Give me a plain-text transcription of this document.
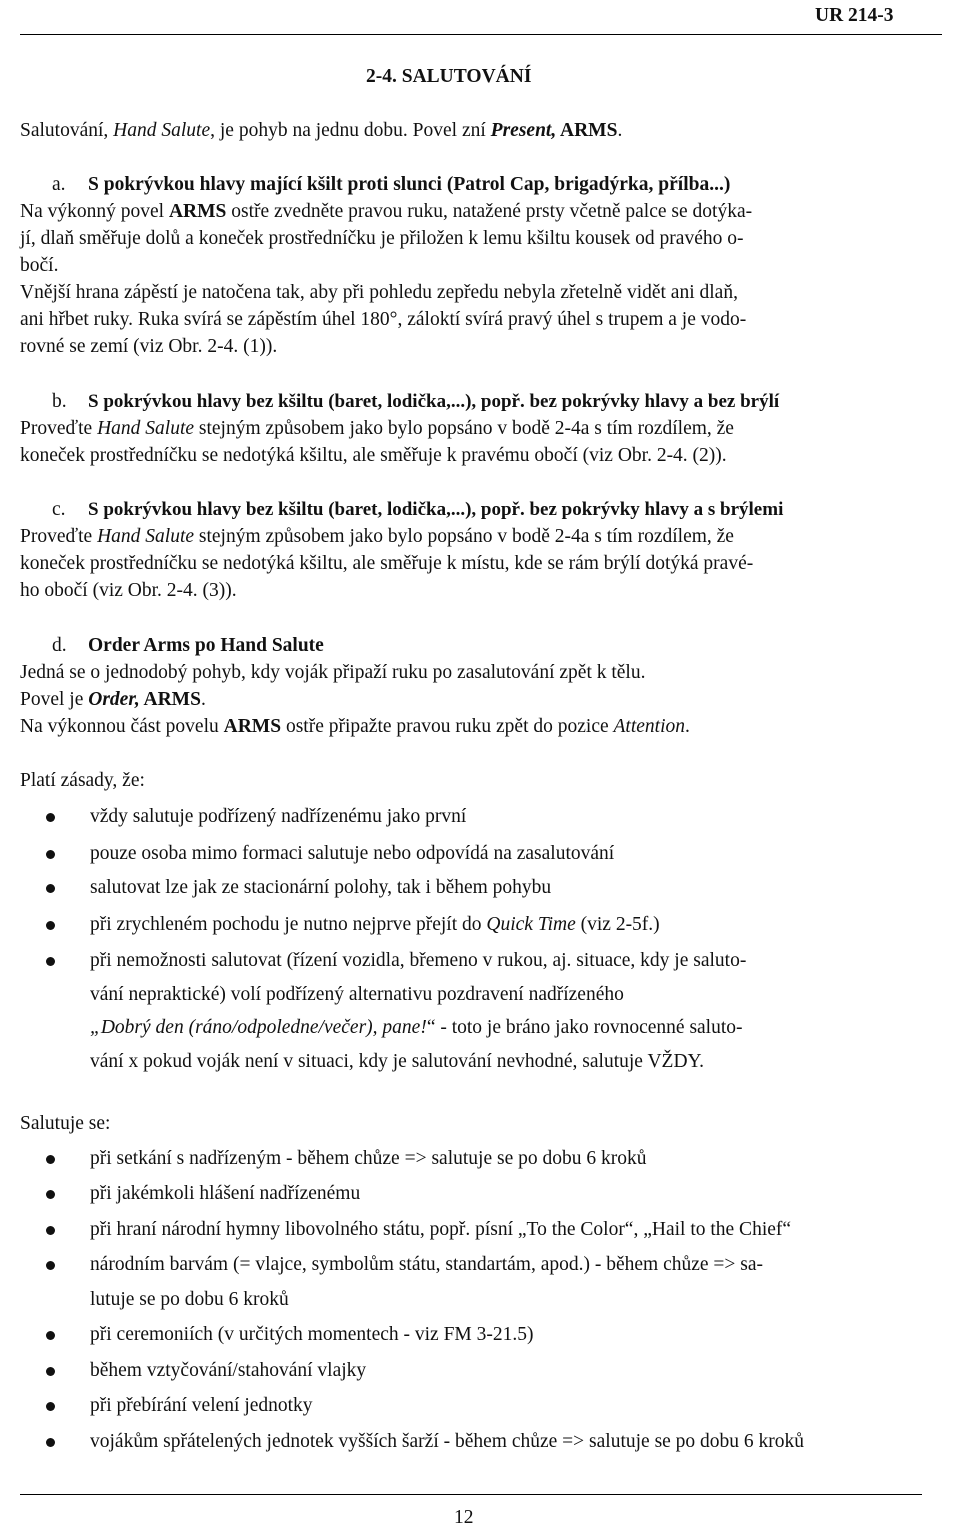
UR 214-3
2-4. SALUTOVÁNÍ
Salutování, Hand Salute, je pohyb na jednu dobu. Povel zní Present, ARMS.
a. S pokrývkou hlavy mající kšilt proti slunci (Patrol Cap, brigadýrka, přílba...)
Na výkonný povel ARMS ostře zvedněte pravou ruku, natažené prsty včetně palce se dotýka-
jí, dlaň směřuje dolů a koneček prostředníčku je přiložen k lemu kšiltu kousek od pravého o-
bočí.
Vnější hrana zápěstí je natočena tak, aby při pohledu zepředu nebyla zřetelně vidět ani dlaň,
ani hřbet ruky. Ruka svírá se zápěstím úhel 180°, záloktí svírá pravý úhel s trupem a je vodo-
rovné se zemí (viz Obr. 2-4. (1)).
b. S pokrývkou hlavy bez kšiltu (baret, lodička,...), popř. bez pokrývky hlavy a bez brýlí
Proveďte Hand Salute stejným způsobem jako bylo popsáno v bodě 2-4a s tím rozdílem, že
koneček prostředníčku se nedotýká kšiltu, ale směřuje k pravému obočí (viz Obr. 2-4. (2)).
c. S pokrývkou hlavy bez kšiltu (baret, lodička,...), popř. bez pokrývky hlavy a s brýlemi
Proveďte Hand Salute stejným způsobem jako bylo popsáno v bodě 2-4a s tím rozdílem, že
koneček prostředníčku se nedotýká kšiltu, ale směřuje k místu, kde se rám brýlí dotýká pravé-
ho obočí (viz Obr. 2-4. (3)).
d. Order Arms po Hand Salute
Jedná se o jednodobý pohyb, kdy voják připaží ruku po zasalutování zpět k tělu.
Povel je Order, ARMS.
Na výkonnou část povelu ARMS ostře připažte pravou ruku zpět do pozice Attention.
Platí zásady, že:
vždy salutuje podřízený nadřízenému jako první
pouze osoba mimo formaci salutuje nebo odpovídá na zasalutování
salutovat lze jak ze stacionární polohy, tak i během pohybu
při zrychleném pochodu je nutno nejprve přejít do Quick Time (viz 2-5f.)
při nemožnosti salutovat (řízení vozidla, břemeno v rukou, aj. situace, kdy je saluto-
vání nepraktické) volí podřízený alternativu pozdravení nadřízeného
„Dobrý den (ráno/odpoledne/večer), pane!“ - toto je bráno jako rovnocenné saluto-
vání x pokud voják není v situaci, kdy je salutování nevhodné, salutuje VŽDY.
Salutuje se:
při setkání s nadřízeným - během chůze => salutuje se po dobu 6 kroků
při jakémkoli hlášení nadřízenému
při hraní národní hymny libovolného státu, popř. písní „To the Color“, „Hail to the Chief“
národním barvám (= vlajce, symbolům státu, standartám, apod.) - během chůze => sa-
lutuje se po dobu 6 kroků
při ceremoniích (v určitých momentech - viz FM 3-21.5)
během vztyčování/stahování vlajky
při přebírání velení jednotky
vojákům spřátelených jednotek vyšších šarží - během chůze => salutuje se po dobu 6 kroků
12
